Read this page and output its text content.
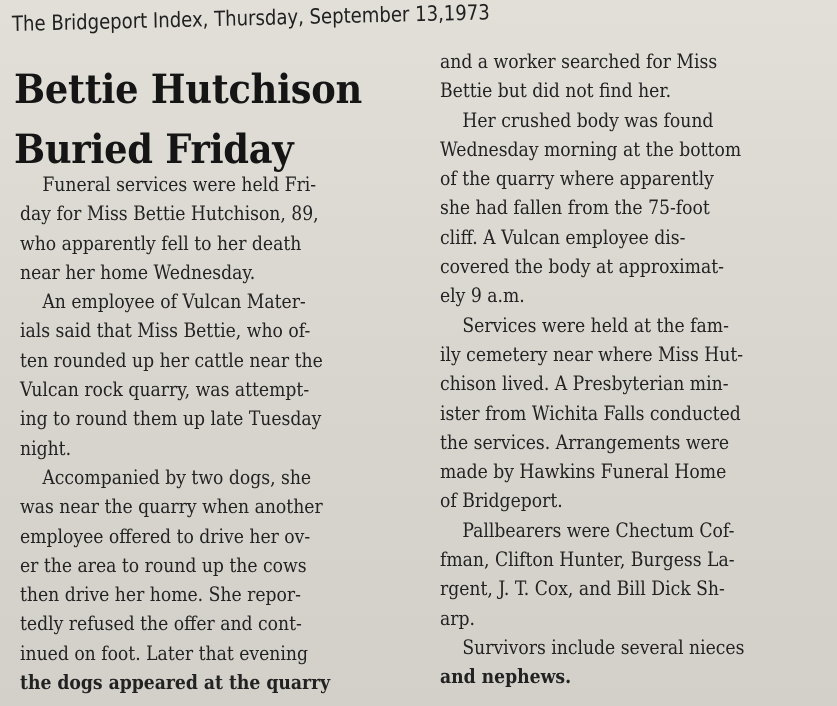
The Bridgeport Index, Thursday, September 13,1973
Bettie Hutchison
Buried Friday
Funeral services were held Fri-
day for Miss Bettie Hutchison, 89,
who apparently fell to her death
near her home Wednesday.
An employee of Vulcan Mater-
ials said that Miss Bettie, who of-
ten rounded up her cattle near the
Vulcan rock quarry, was attempt-
ing to round them up late Tuesday
night.
Accompanied by two dogs, she
was near the quarry when another
employee offered to drive her ov-
er the area to round up the cows
then drive her home. She repor-
tedly refused the offer and cont-
inued on foot. Later that evening
the dogs appeared at the quarry
and a worker searched for Miss
Bettie but did not find her.
Her crushed body was found
Wednesday morning at the bottom
of the quarry where apparently
she had fallen from the 75-foot
cliff. A Vulcan employee dis-
covered the body at approximat-
ely 9 a.m.
Services were held at the fam-
ily cemetery near where Miss Hut-
chison lived. A Presbyterian min-
ister from Wichita Falls conducted
the services. Arrangements were
made by Hawkins Funeral Home
of Bridgeport.
Pallbearers were Chectum Cof-
fman, Clifton Hunter, Burgess La-
rgent, J. T. Cox, and Bill Dick Sh-
arp.
Survivors include several nieces
and nephews.
